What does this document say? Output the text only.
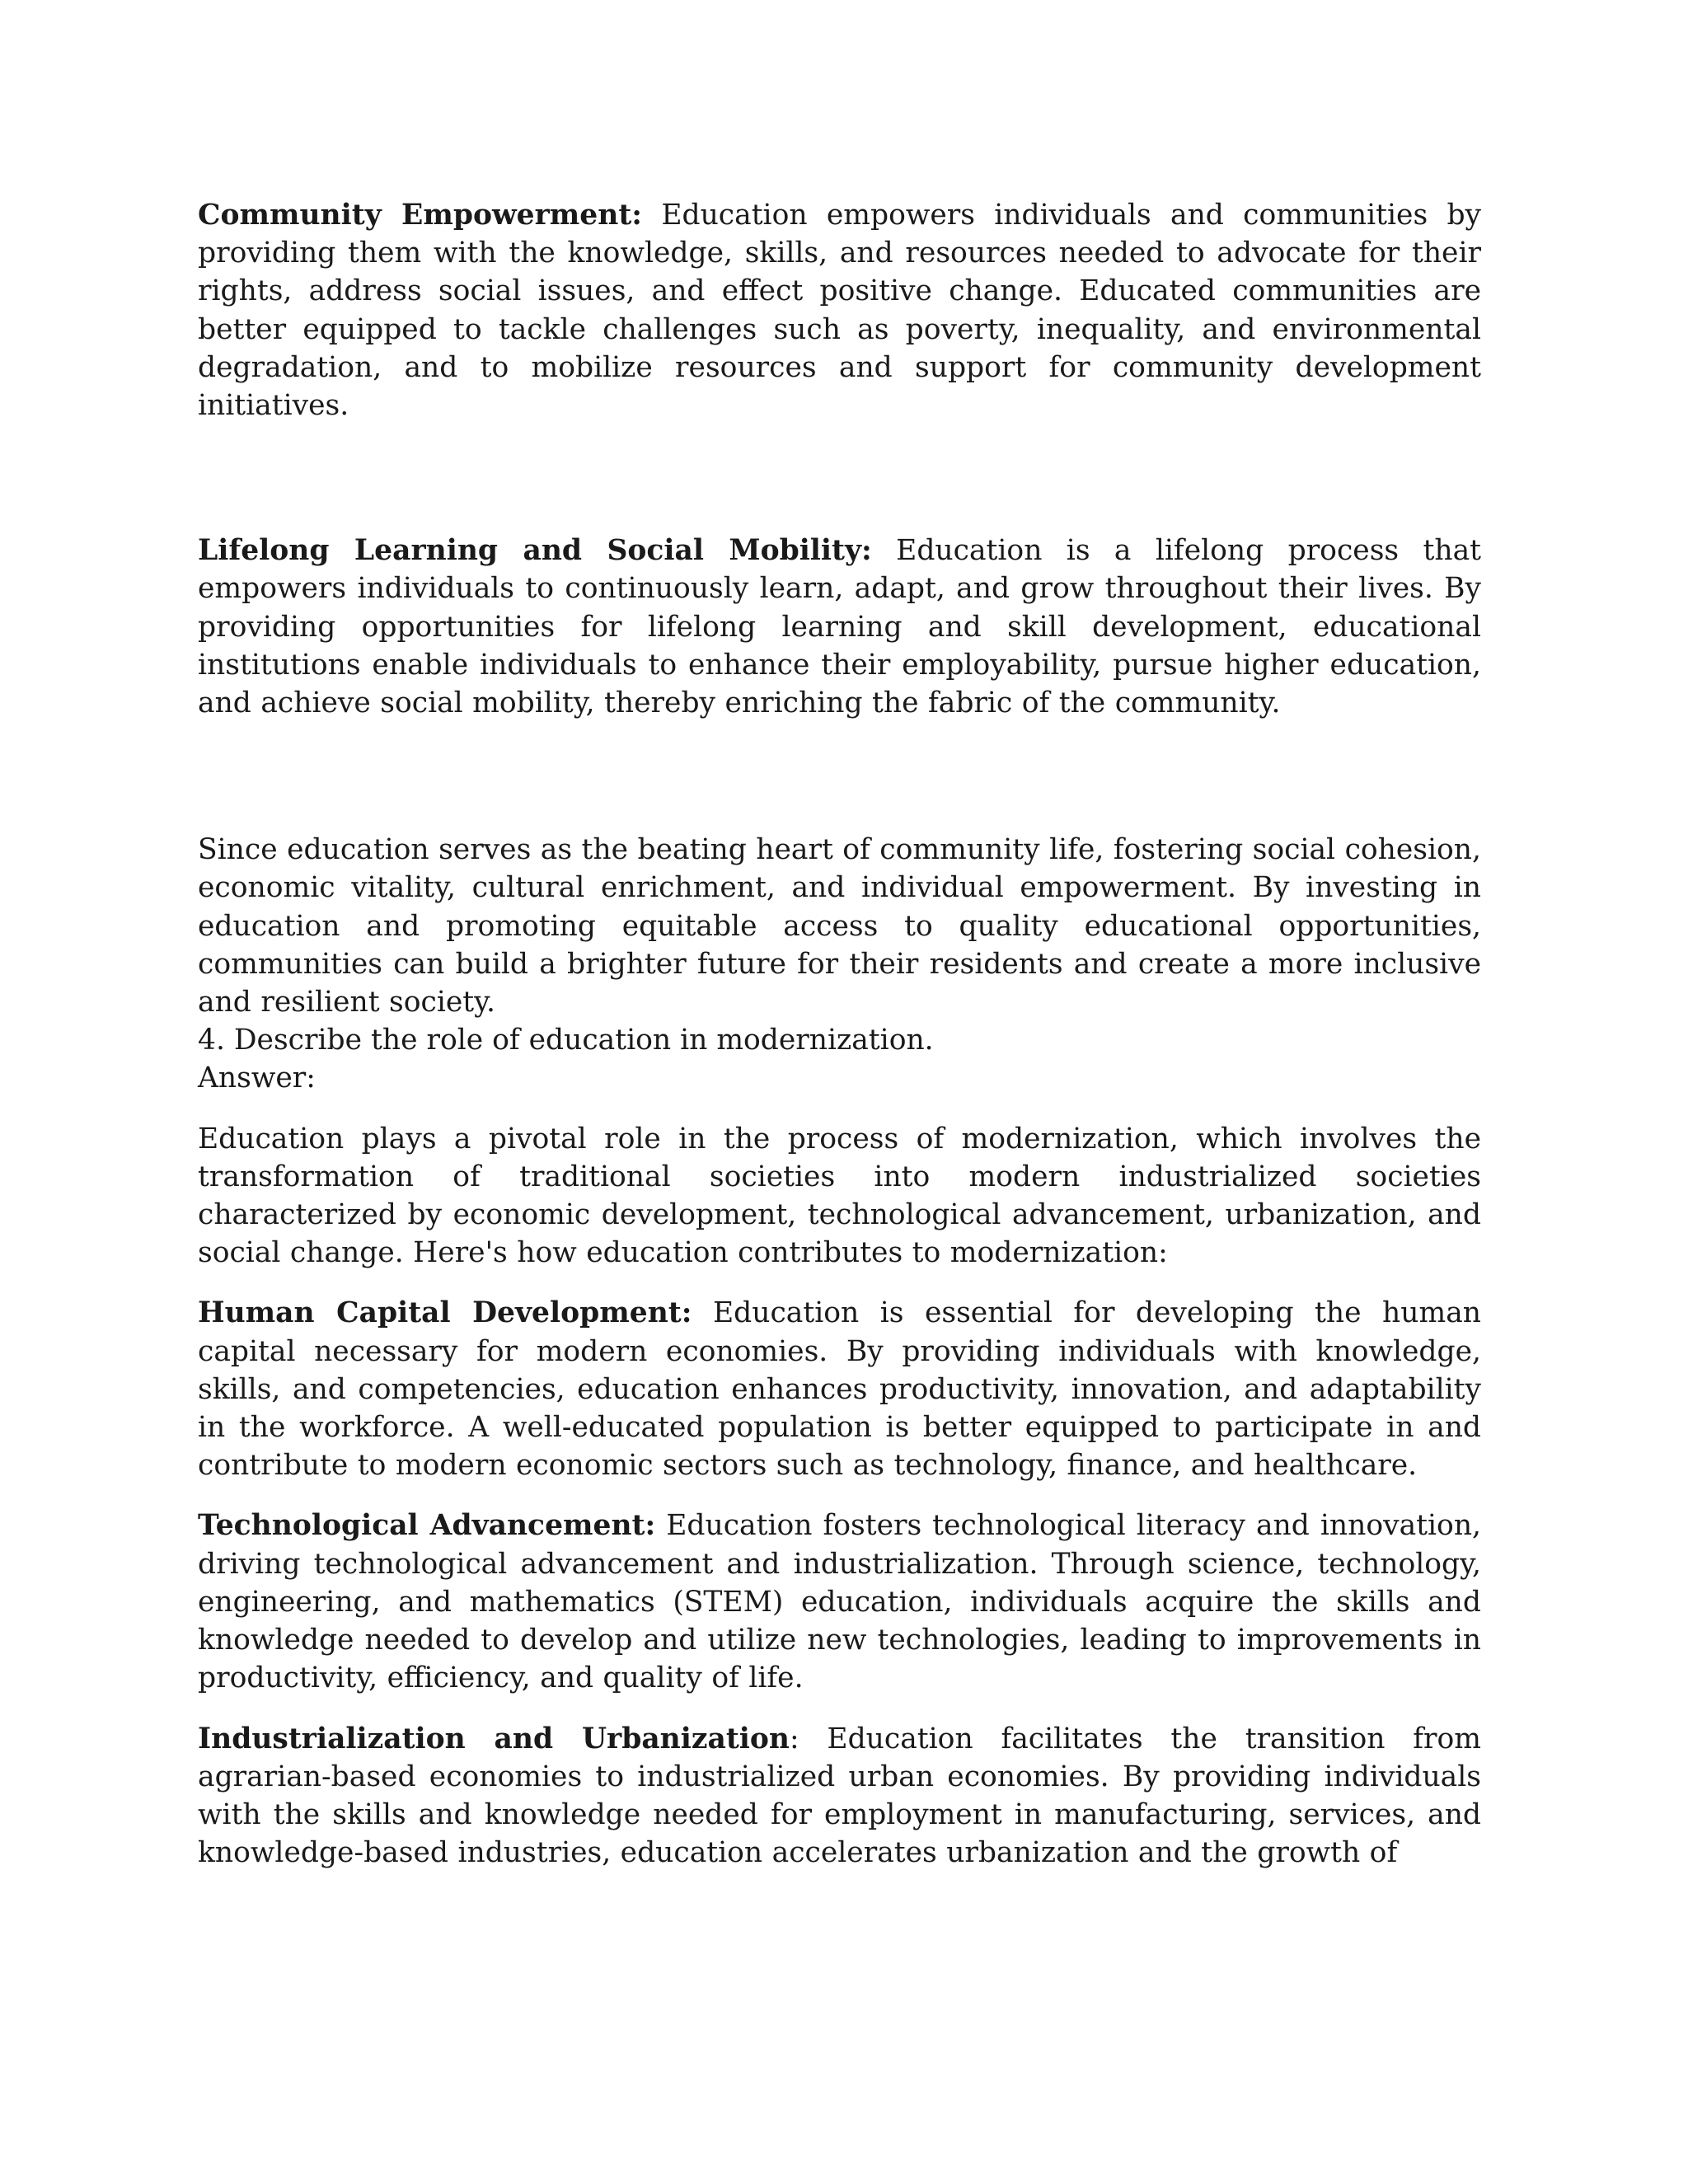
Community Empowerment: Education empowers individuals and communities by providing them with the knowledge, skills, and resources needed to advocate for their rights, address social issues, and effect positive change. Educated communities are better equipped to tackle challenges such as poverty, inequality, and environmental degradation, and to mobilize resources and support for community development initiatives.

Lifelong Learning and Social Mobility: Education is a lifelong process that empowers individuals to continuously learn, adapt, and grow throughout their lives. By providing opportunities for lifelong learning and skill development, educational institutions enable individuals to enhance their employability, pursue higher education, and achieve social mobility, thereby enriching the fabric of the community.

Since education serves as the beating heart of community life, fostering social cohesion, economic vitality, cultural enrichment, and individual empowerment. By investing in education and promoting equitable access to quality educational opportunities, communities can build a brighter future for their residents and create a more inclusive and resilient society.

4. Describe the role of education in modernization.

Answer:

Education plays a pivotal role in the process of modernization, which involves the transformation of traditional societies into modern industrialized societies characterized by economic development, technological advancement, urbanization, and social change. Here's how education contributes to modernization:

Human Capital Development: Education is essential for developing the human capital necessary for modern economies. By providing individuals with knowledge, skills, and competencies, education enhances productivity, innovation, and adaptability in the workforce. A well-educated population is better equipped to participate in and contribute to modern economic sectors such as technology, finance, and healthcare.

Technological Advancement: Education fosters technological literacy and innovation, driving technological advancement and industrialization. Through science, technology, engineering, and mathematics (STEM) education, individuals acquire the skills and knowledge needed to develop and utilize new technologies, leading to improvements in productivity, efficiency, and quality of life.

Industrialization and Urbanization: Education facilitates the transition from agrarian-based economies to industrialized urban economies. By providing individuals with the skills and knowledge needed for employment in manufacturing, services, and knowledge-based industries, education accelerates urbanization and the growth of
